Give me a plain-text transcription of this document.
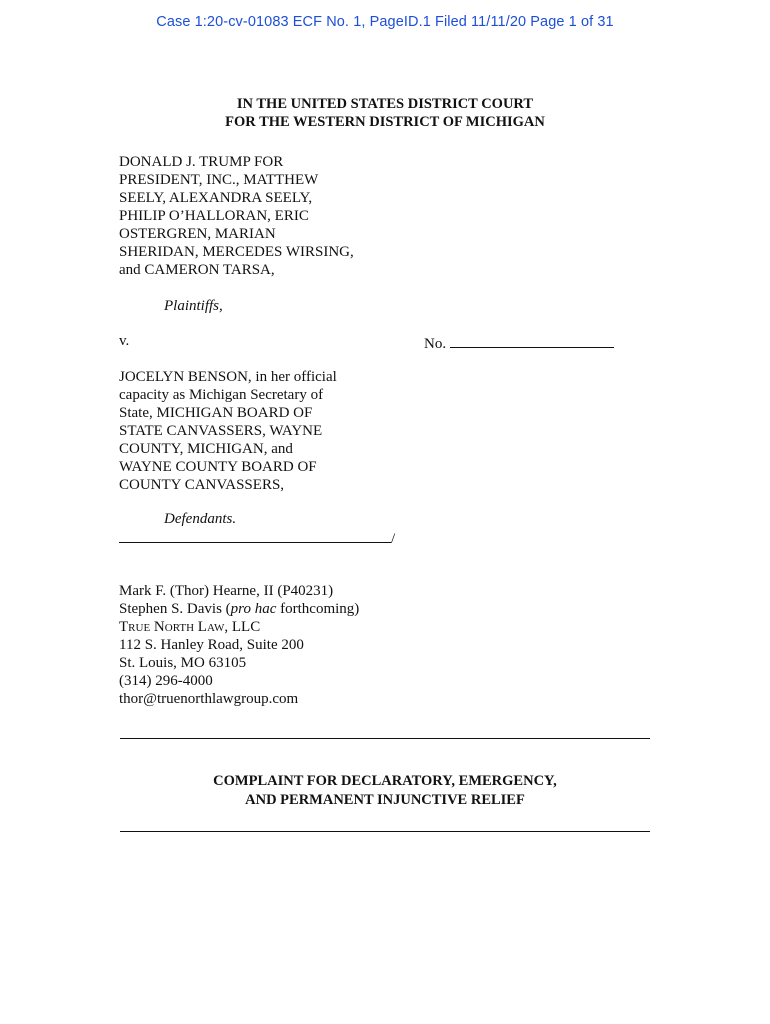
Case 1:20-cv-01083 ECF No. 1, PageID.1 Filed 11/11/20 Page 1 of 31
IN THE UNITED STATES DISTRICT COURT
FOR THE WESTERN DISTRICT OF MICHIGAN
DONALD J. TRUMP FOR
PRESIDENT, INC., MATTHEW
SEELY, ALEXANDRA SEELY,
PHILIP O’HALLORAN, ERIC
OSTERGREN, MARIAN
SHERIDAN, MERCEDES WIRSING,
and CAMERON TARSA,
Plaintiffs,
v.	No.
JOCELYN BENSON, in her official
capacity as Michigan Secretary of
State, MICHIGAN BOARD OF
STATE CANVASSERS, WAYNE
COUNTY, MICHIGAN, and
WAYNE COUNTY BOARD OF
COUNTY CANVASSERS,
Defendants.
/
Mark F. (Thor) Hearne, II (P40231)
Stephen S. Davis (pro hac forthcoming)
True North Law, LLC
112 S. Hanley Road, Suite 200
St. Louis, MO 63105
(314) 296-4000
thor@truenorthlawgroup.com
COMPLAINT FOR DECLARATORY, EMERGENCY,
AND PERMANENT INJUNCTIVE RELIEF
